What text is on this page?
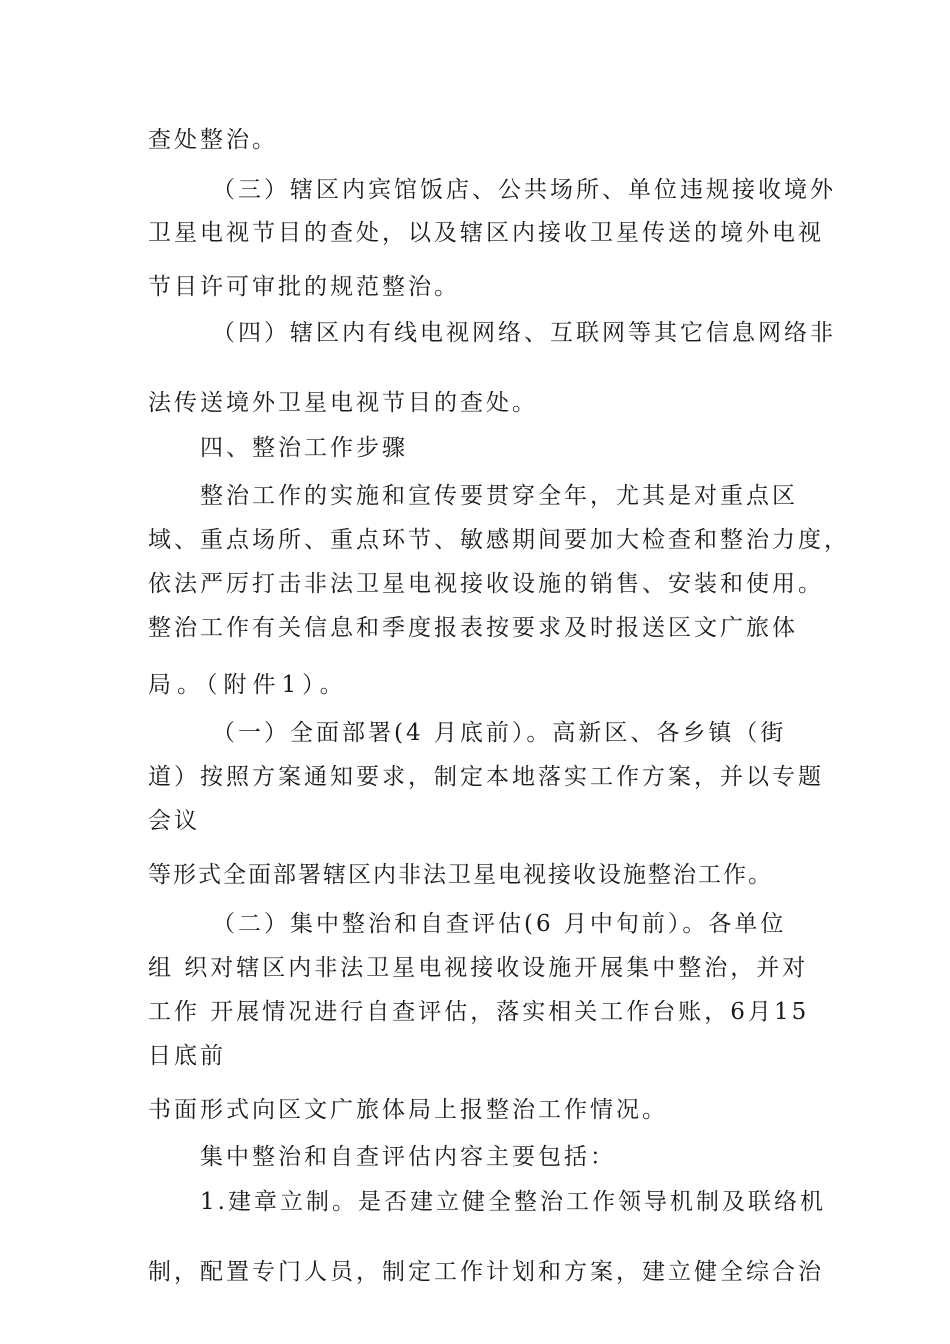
查处整治。
（三）辖区内宾馆饭店、公共场所、单位违规接收境外
卫星电视节目的查处，以及辖区内接收卫星传送的境外电视
节目许可审批的规范整治。
（四）辖区内有线电视网络、互联网等其它信息网络非
法传送境外卫星电视节目的查处。
四、整治工作步骤
整治工作的实施和宣传要贯穿全年，尤其是对重点区
域、重点场所、重点环节、敏感期间要加大检查和整治力度，
依法严厉打击非法卫星电视接收设施的销售、安装和使用。
整治工作有关信息和季度报表按要求及时报送区文广旅体
局。（附件1）。
（一）全面部署(4 月底前）。高新区、各乡镇（街
道）按照方案通知要求，制定本地落实工作方案，并以专题
会议
等形式全面部署辖区内非法卫星电视接收设施整治工作。
（二）集中整治和自查评估(6 月中旬前）。各单位
组 织对辖区内非法卫星电视接收设施开展集中整治，并对
工作 开展情况进行自查评估，落实相关工作台账，6月15
日底前
书面形式向区文广旅体局上报整治工作情况。
集中整治和自查评估内容主要包括：
1.建章立制。是否建立健全整治工作领导机制及联络机
制，配置专门人员，制定工作计划和方案，建立健全综合治
